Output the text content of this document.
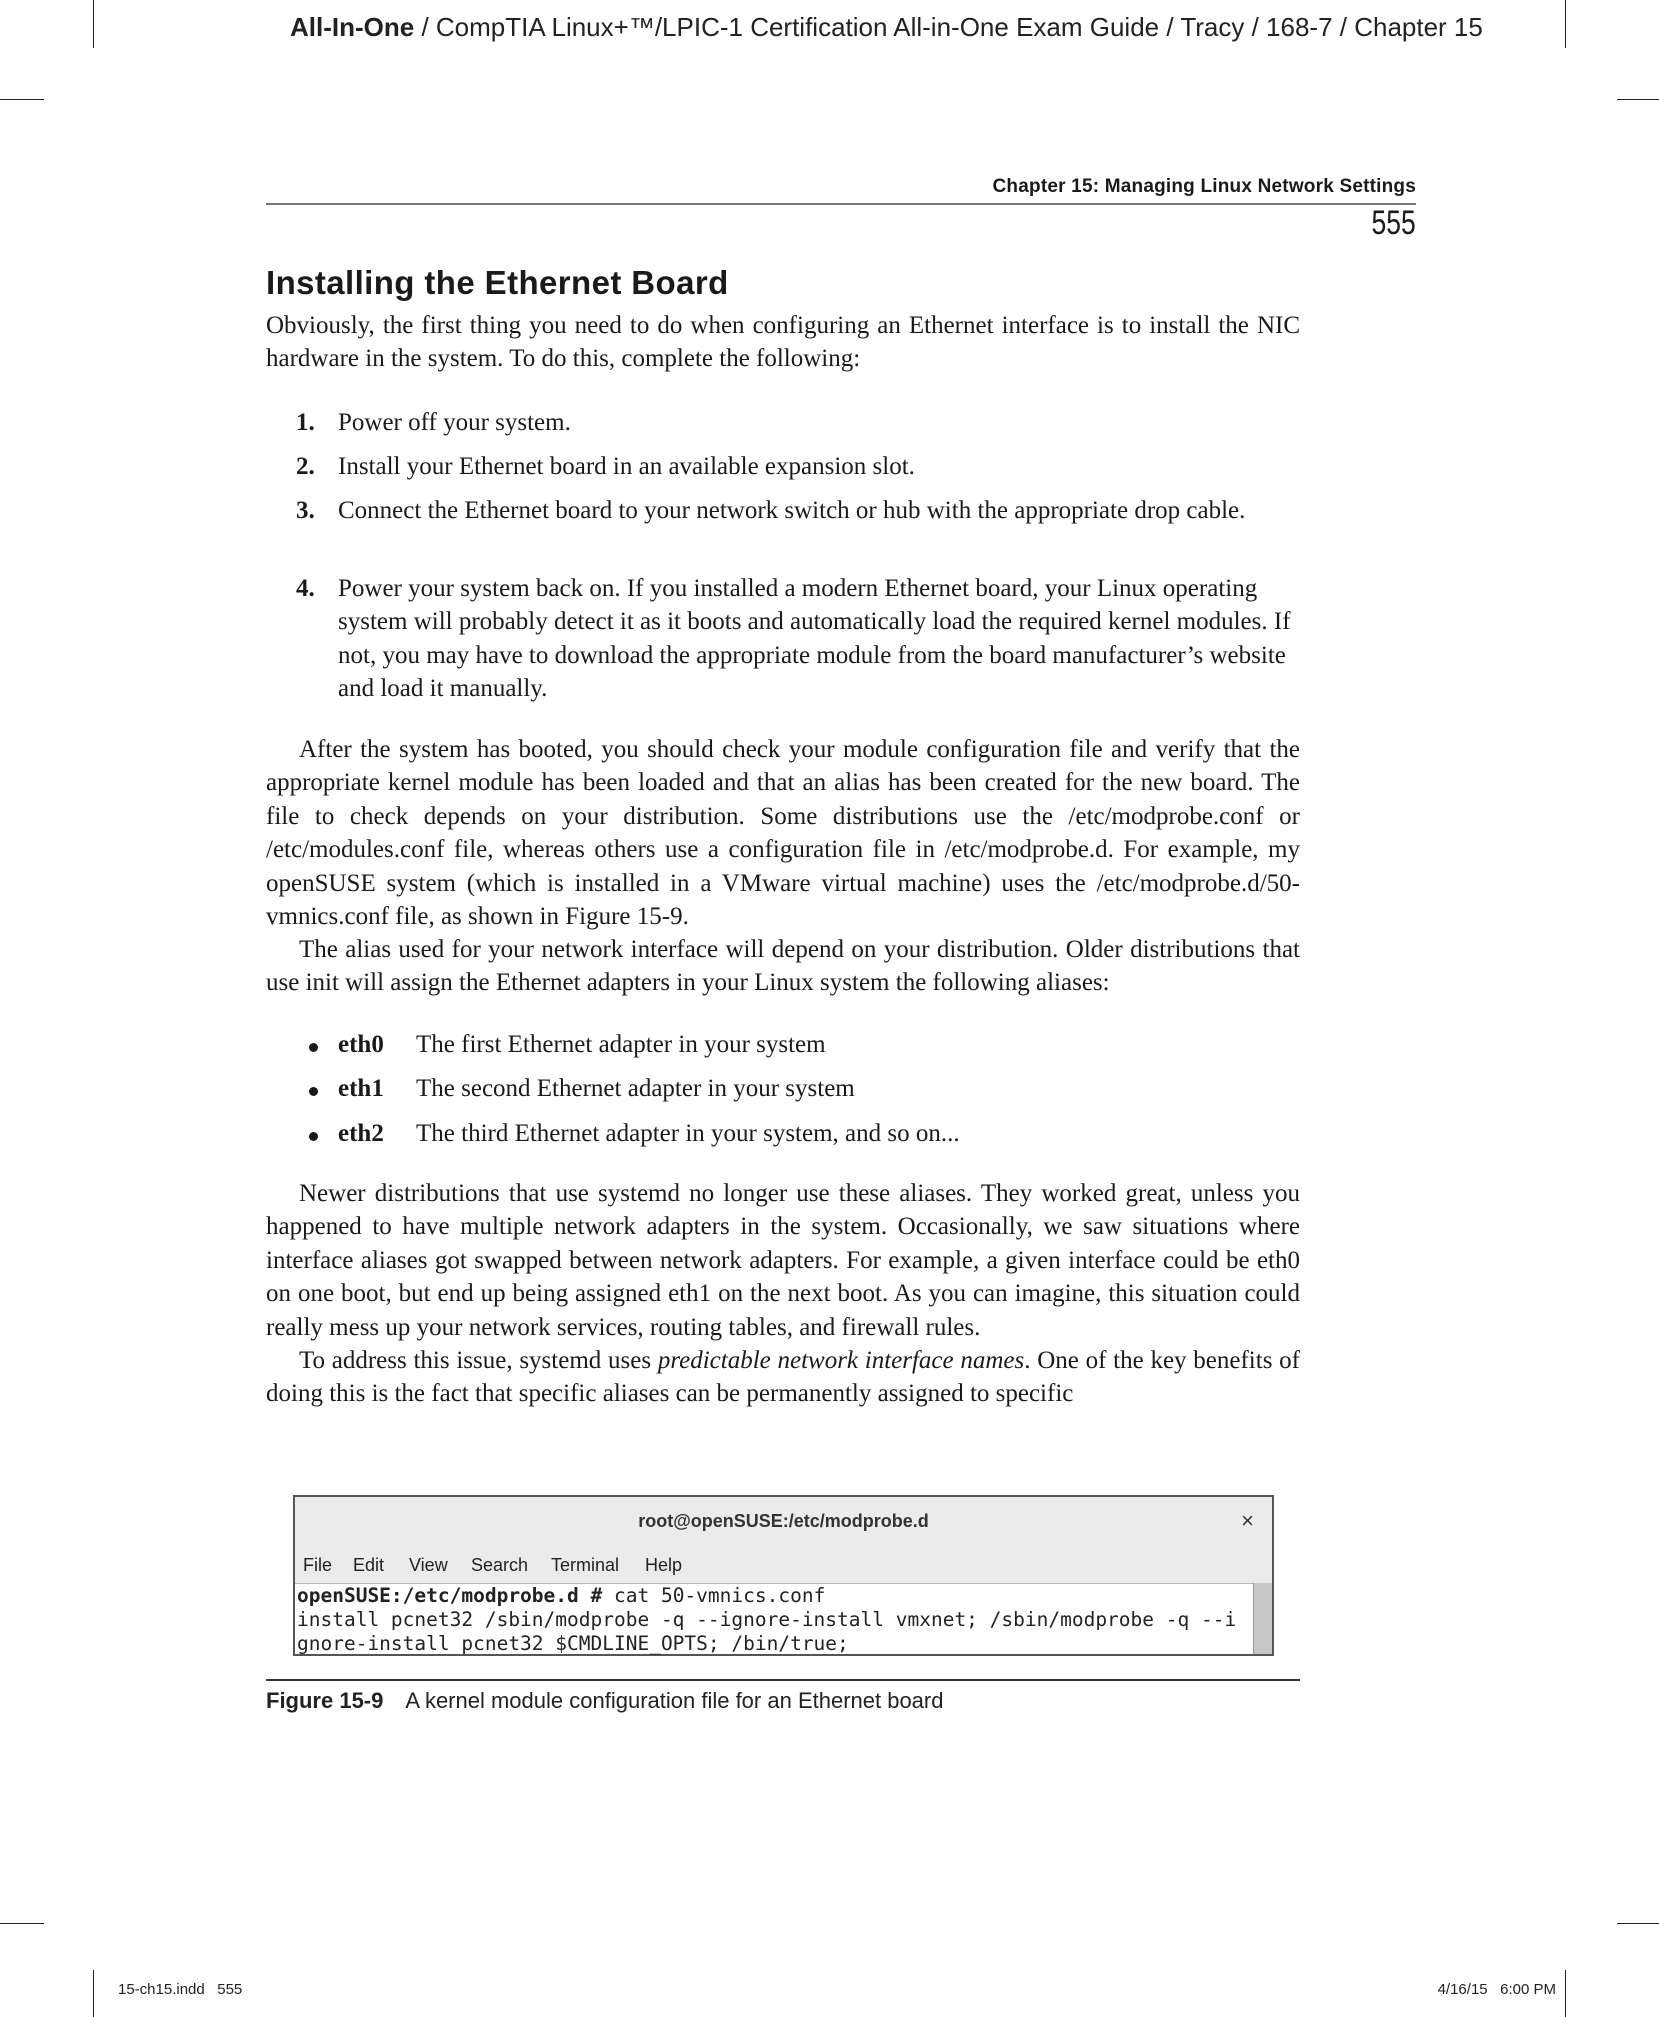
All-In-One / CompTIA Linux+™/LPIC-1 Certification All-in-One Exam Guide / Tracy / 168-7 / Chapter 15
Chapter 15: Managing Linux Network Settings
555
Installing the Ethernet Board

Obviously, the first thing you need to do when configuring an Ethernet interface is to install the NIC hardware in the system. To do this, complete the following:

1. Power off your system.
2. Install your Ethernet board in an available expansion slot.
3. Connect the Ethernet board to your network switch or hub with the appropriate drop cable.
4. Power your system back on. If you installed a modern Ethernet board, your Linux operating system will probably detect it as it boots and automatically load the required kernel modules. If not, you may have to download the appropriate module from the board manufacturer’s website and load it manually.

After the system has booted, you should check your module configuration file and verify that the appropriate kernel module has been loaded and that an alias has been created for the new board. The file to check depends on your distribution. Some distributions use the /etc/modprobe.conf or /etc/modules.conf file, whereas others use a configuration file in /etc/modprobe.d. For example, my openSUSE system (which is installed in a VMware virtual machine) uses the /etc/modprobe.d/50-vmnics.conf file, as shown in Figure 15-9.

The alias used for your network interface will depend on your distribution. Older distributions that use init will assign the Ethernet adapters in your Linux system the following aliases:

eth0 The first Ethernet adapter in your system
eth1 The second Ethernet adapter in your system
eth2 The third Ethernet adapter in your system, and so on...

Newer distributions that use systemd no longer use these aliases. They worked great, unless you happened to have multiple network adapters in the system. Occasionally, we saw situations where interface aliases got swapped between network adapters. For example, a given interface could be eth0 on one boot, but end up being assigned eth1 on the next boot. As you can imagine, this situation could really mess up your network services, routing tables, and firewall rules.

To address this issue, systemd uses predictable network interface names. One of the key benefits of doing this is the fact that specific aliases can be permanently assigned to specific

root@openSUSE:/etc/modprobe.d	×
File Edit View Search Terminal Help
openSUSE:/etc/modprobe.d # cat 50-vmnics.conf
install pcnet32 /sbin/modprobe -q --ignore-install vmxnet; /sbin/modprobe -q --i
gnore-install pcnet32 $CMDLINE_OPTS; /bin/true;
Figure 15-9 A kernel module configuration file for an Ethernet board
15-ch15.indd   555	4/16/15   6:00 PM
